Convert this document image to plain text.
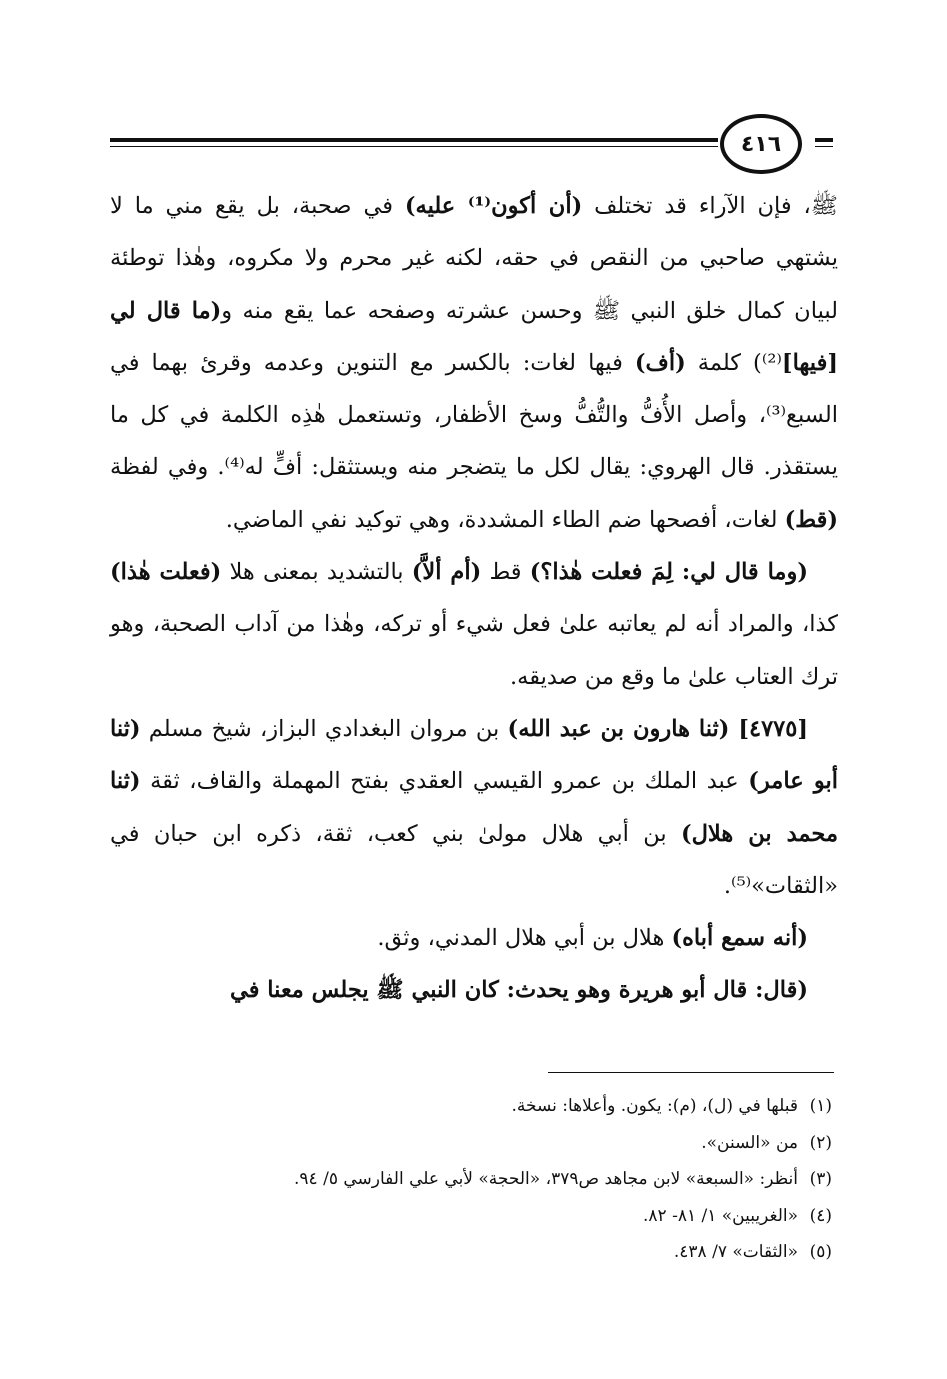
٤١٦

ﷺ، فإن الآراء قد تختلف (أن أكون⁽¹⁾ عليه) في صحبة، بل يقع مني ما لا يشتهي صاحبي من النقص في حقه، لكنه غير محرم ولا مكروه، وهٰذا توطئة لبيان كمال خلق النبي ﷺ وحسن عشرته وصفحه عما يقع منه و(ما قال لي [فيها]⁽²⁾) كلمة (أف) فيها لغات: بالكسر مع التنوين وعدمه وقرئ بهما في السبع⁽³⁾، وأصل الأُفُّ والتُّفُّ وسخ الأظفار، وتستعمل هٰذِه الكلمة في كل ما يستقذر. قال الهروي: يقال لكل ما يتضجر منه ويستثقل: أفٍّ له⁽⁴⁾. وفي لفظة (قط) لغات، أفصحها ضم الطاء المشددة، وهي توكيد نفي الماضي.

(وما قال لي: لِمَ فعلت هٰذا؟) قط (أم ألاَّ) بالتشديد بمعنى هلا (فعلت هٰذا) كذا، والمراد أنه لم يعاتبه علىٰ فعل شيء أو تركه، وهٰذا من آداب الصحبة، وهو ترك العتاب علىٰ ما وقع من صديقه.

[٤٧٧٥] (ثنا هارون بن عبد الله) بن مروان البغدادي البزاز، شيخ مسلم (ثنا أبو عامر) عبد الملك بن عمرو القيسي العقدي بفتح المهملة والقاف، ثقة (ثنا محمد بن هلال) بن أبي هلال مولىٰ بني كعب، ثقة، ذكره ابن حبان في «الثقات»⁽⁵⁾.

(أنه سمع أباه) هلال بن أبي هلال المدني، وثق.

(قال: قال أبو هريرة وهو يحدث: كان النبي ﷺ يجلس معنا في

(١)
قبلها في (ل)، (م): يكون. وأعلاها: نسخة.
(٢)
من «السنن».
(٣)
أنظر: «السبعة» لابن مجاهد ص٣٧٩، «الحجة» لأبي علي الفارسي ٥/ ٩٤.
(٤)
«الغريبين» ١/ ٨١- ٨٢.
(٥)
«الثقات» ٧/ ٤٣٨.
